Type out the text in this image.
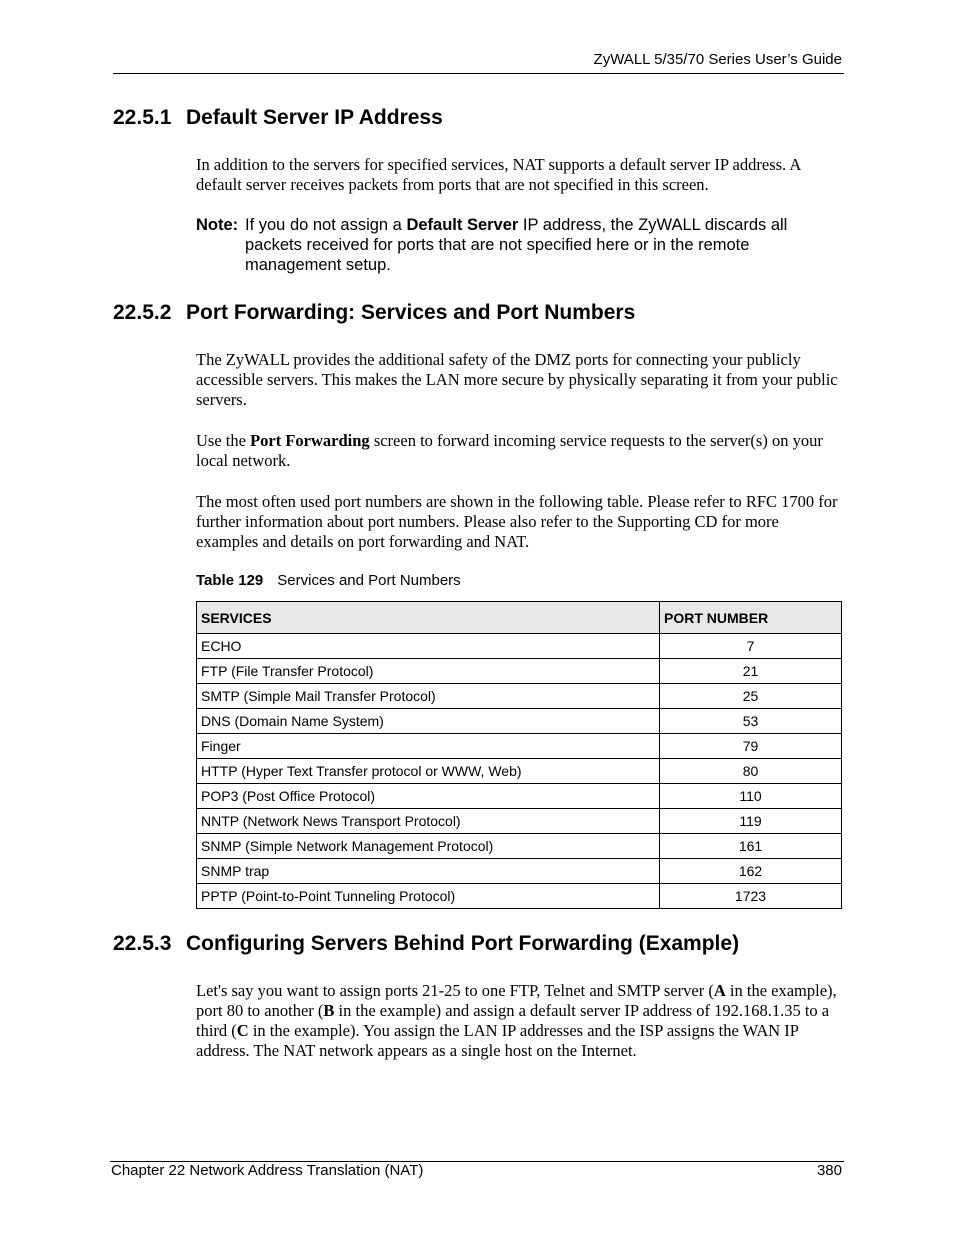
ZyWALL 5/35/70 Series User’s Guide
22.5.1 Default Server IP Address

In addition to the servers for specified services, NAT supports a default server IP address. A default server receives packets from ports that are not specified in this screen.

Note: If you do not assign a Default Server IP address, the ZyWALL discards all packets received for ports that are not specified here or in the remote management setup.
22.5.2 Port Forwarding: Services and Port Numbers

The ZyWALL provides the additional safety of the DMZ ports for connecting your publicly accessible servers. This makes the LAN more secure by physically separating it from your public servers.

Use the Port Forwarding screen to forward incoming service requests to the server(s) on your local network.

The most often used port numbers are shown in the following table. Please refer to RFC 1700 for further information about port numbers. Please also refer to the Supporting CD for more examples and details on port forwarding and NAT.

Table 129 Services and Port Numbers
SERVICES	PORT NUMBER
ECHO	7
FTP (File Transfer Protocol)	21
SMTP (Simple Mail Transfer Protocol)	25
DNS (Domain Name System)	53
Finger	79
HTTP (Hyper Text Transfer protocol or WWW, Web)	80
POP3 (Post Office Protocol)	110
NNTP (Network News Transport Protocol)	119
SNMP (Simple Network Management Protocol)	161
SNMP trap	162
PPTP (Point-to-Point Tunneling Protocol)	1723
22.5.3 Configuring Servers Behind Port Forwarding (Example)

Let's say you want to assign ports 21-25 to one FTP, Telnet and SMTP server (A in the example), port 80 to another (B in the example) and assign a default server IP address of 192.168.1.35 to a third (C in the example). You assign the LAN IP addresses and the ISP assigns the WAN IP address. The NAT network appears as a single host on the Internet.

Chapter 22 Network Address Translation (NAT)	380
